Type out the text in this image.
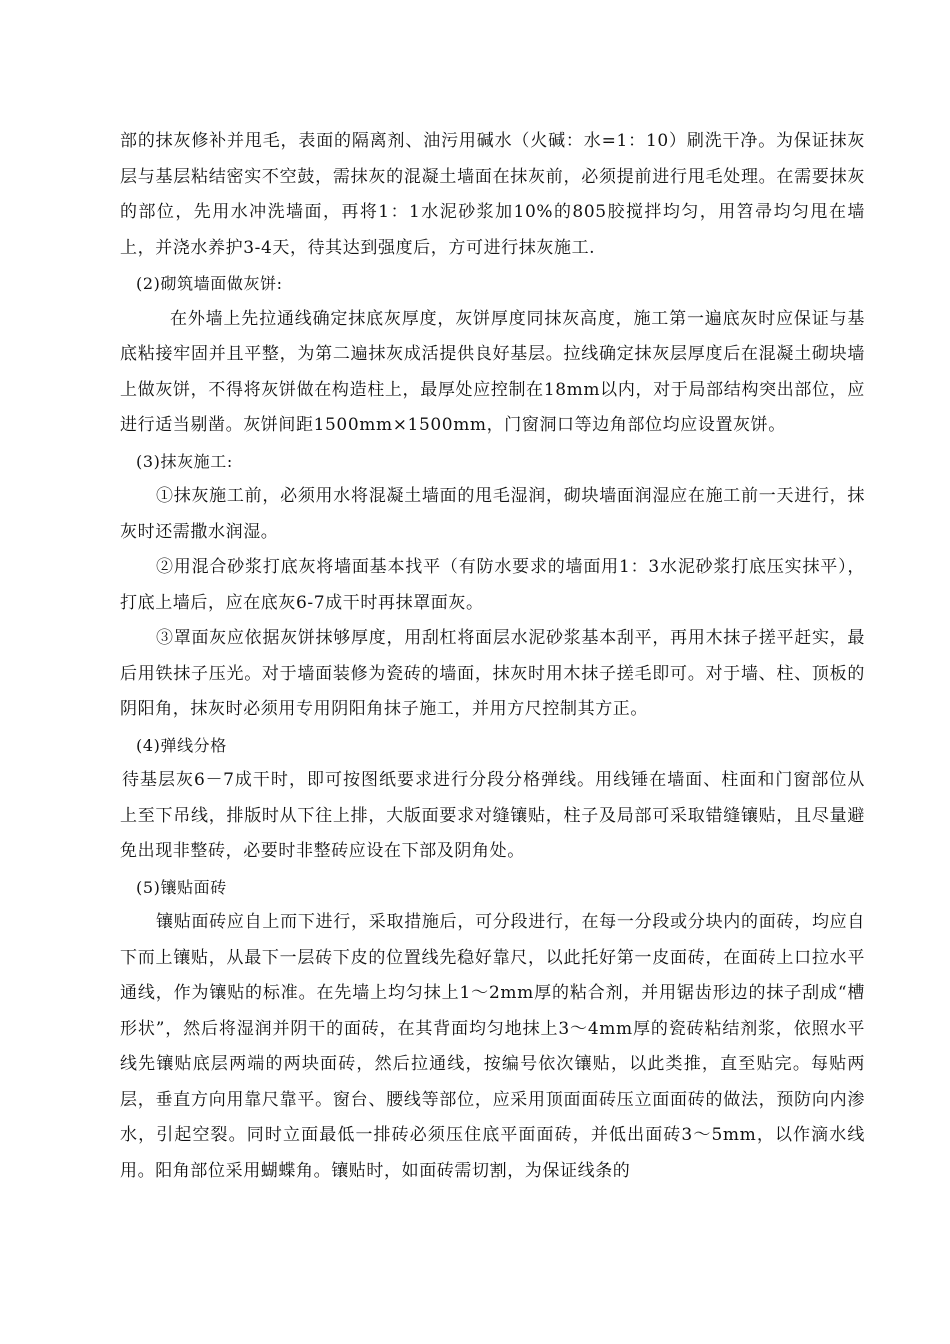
部的抹灰修补并甩毛，表面的隔离剂、油污用碱水（火碱：水=1：10）刷洗干净。为保证抹灰层与基层粘结密实不空鼓，需抹灰的混凝土墙面在抹灰前，必须提前进行甩毛处理。在需要抹灰的部位，先用水冲洗墙面，再将1：1水泥砂浆加10%的805胶搅拌均匀，用笤帚均匀甩在墙上，并浇水养护3-4天，待其达到强度后，方可进行抹灰施工.

(2)砌筑墙面做灰饼:

在外墙上先拉通线确定抹底灰厚度，灰饼厚度同抹灰高度，施工第一遍底灰时应保证与基底粘接牢固并且平整，为第二遍抹灰成活提供良好基层。拉线确定抹灰层厚度后在混凝土砌块墙上做灰饼，不得将灰饼做在构造柱上，最厚处应控制在18mm以内，对于局部结构突出部位，应进行适当剔凿。灰饼间距1500mm×1500mm，门窗洞口等边角部位均应设置灰饼。

(3)抹灰施工:

①抹灰施工前，必须用水将混凝土墙面的甩毛湿润，砌块墙面润湿应在施工前一天进行，抹灰时还需撒水润湿。

②用混合砂浆打底灰将墙面基本找平（有防水要求的墙面用1：3水泥砂浆打底压实抹平），打底上墙后，应在底灰6-7成干时再抹罩面灰。

③罩面灰应依据灰饼抹够厚度，用刮杠将面层水泥砂浆基本刮平，再用木抹子搓平赶实，最后用铁抹子压光。对于墙面装修为瓷砖的墙面，抹灰时用木抹子搓毛即可。对于墙、柱、顶板的阴阳角，抹灰时必须用专用阴阳角抹子施工，并用方尺控制其方正。

(4)弹线分格

待基层灰6－7成干时，即可按图纸要求进行分段分格弹线。用线锤在墙面、柱面和门窗部位从上至下吊线，排版时从下往上排，大版面要求对缝镶贴，柱子及局部可采取错缝镶贴，且尽量避免出现非整砖，必要时非整砖应设在下部及阴角处。

(5)镶贴面砖

镶贴面砖应自上而下进行，采取措施后，可分段进行，在每一分段或分块内的面砖，均应自下而上镶贴，从最下一层砖下皮的位置线先稳好靠尺，以此托好第一皮面砖，在面砖上口拉水平通线，作为镶贴的标准。在先墙上均匀抹上1～2mm厚的粘合剂，并用锯齿形边的抹子刮成“槽形状”，然后将湿润并阴干的面砖，在其背面均匀地抹上3～4mm厚的瓷砖粘结剂浆，依照水平线先镶贴底层两端的两块面砖，然后拉通线，按编号依次镶贴，以此类推，直至贴完。每贴两层，垂直方向用靠尺靠平。窗台、腰线等部位，应采用顶面面砖压立面面砖的做法，预防向内渗水，引起空裂。同时立面最低一排砖必须压住底平面面砖，并低出面砖3～5mm，以作滴水线用。阳角部位采用蝴蝶角。镶贴时，如面砖需切割，为保证线条的
